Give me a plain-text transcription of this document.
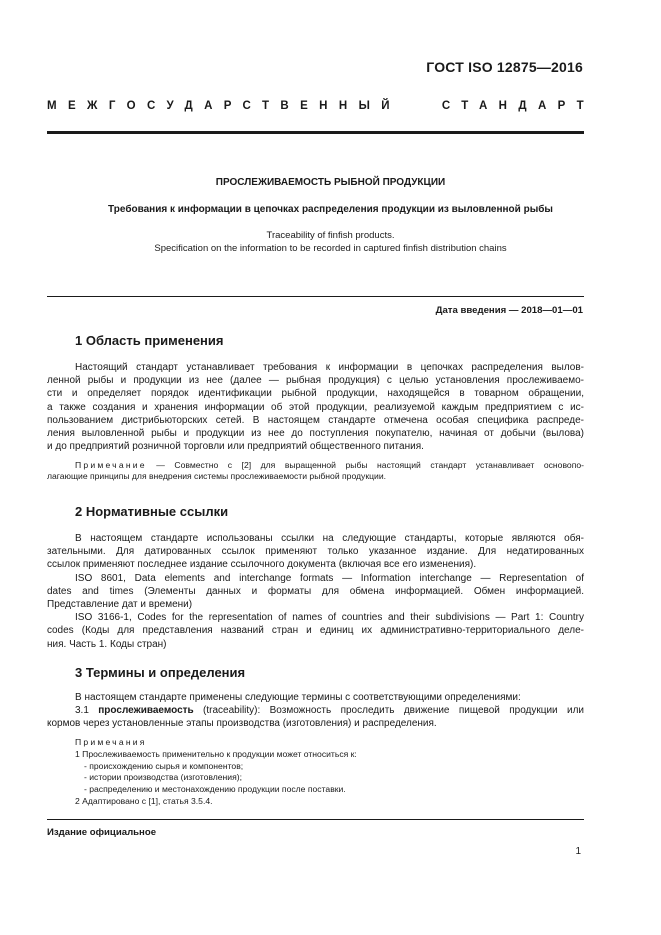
ГОСТ ISO 12875—2016
МЕЖГОСУДАРСТВЕННЫЙ	СТАНДАРТ
ПРОСЛЕЖИВАЕМОСТЬ РЫБНОЙ ПРОДУКЦИИ
Требования к информации в цепочках распределения продукции из выловленной рыбы
Traceability of finfish products.
Specification on the information to be recorded in captured finfish distribution chains
Дата введения — 2018—01—01
1 Область применения
Настоящий стандарт устанавливает требования к информации в цепочках распределения вылов-
ленной рыбы и продукции из нее (далее — рыбная продукция) с целью установления прослеживаемо-
сти и определяет порядок идентификации рыбной продукции, находящейся в товарном обращении,
а также создания и хранения информации об этой продукции, реализуемой каждым предприятием с ис-
пользованием дистрибьюторских сетей. В настоящем стандарте отмечена особая специфика распреде-
ления выловленной рыбы и продукции из нее до поступления покупателю, начиная от добычи (вылова)
и до предприятий розничной торговли или предприятий общественного питания.
Примечание — Совместно с [2] для выращенной рыбы настоящий стандарт устанавливает основопо-
лагающие принципы для внедрения системы прослеживаемости рыбной продукции.
2 Нормативные ссылки
В настоящем стандарте использованы ссылки на следующие стандарты, которые являются обя-
зательными. Для датированных ссылок применяют только указанное издание. Для недатированных
ссылок применяют последнее издание ссылочного документа (включая все его изменения).
ISO 8601, Data elements and interchange formats — Information interchange — Representation of
dates and times (Элементы данных и форматы для обмена информацией. Обмен информацией.
Представление дат и времени)
ISO 3166-1, Codes for the representation of names of countries and their subdivisions — Part 1: Country
codes (Коды для представления названий стран и единиц их административно-территориального деле-
ния. Часть 1. Коды стран)
3 Термины и определения
В настоящем стандарте применены следующие термины с соответствующими определениями:
3.1 прослеживаемость (traceability): Возможность проследить движение пищевой продукции или
кормов через установленные этапы производства (изготовления) и распределения.
Примечания
1 Прослеживаемость применительно к продукции может относиться к:
- происхождению сырья и компонентов;
- истории производства (изготовления);
- распределению и местонахождению продукции после поставки.
2 Адаптировано с [1], статья 3.5.4.
Издание официальное
1
